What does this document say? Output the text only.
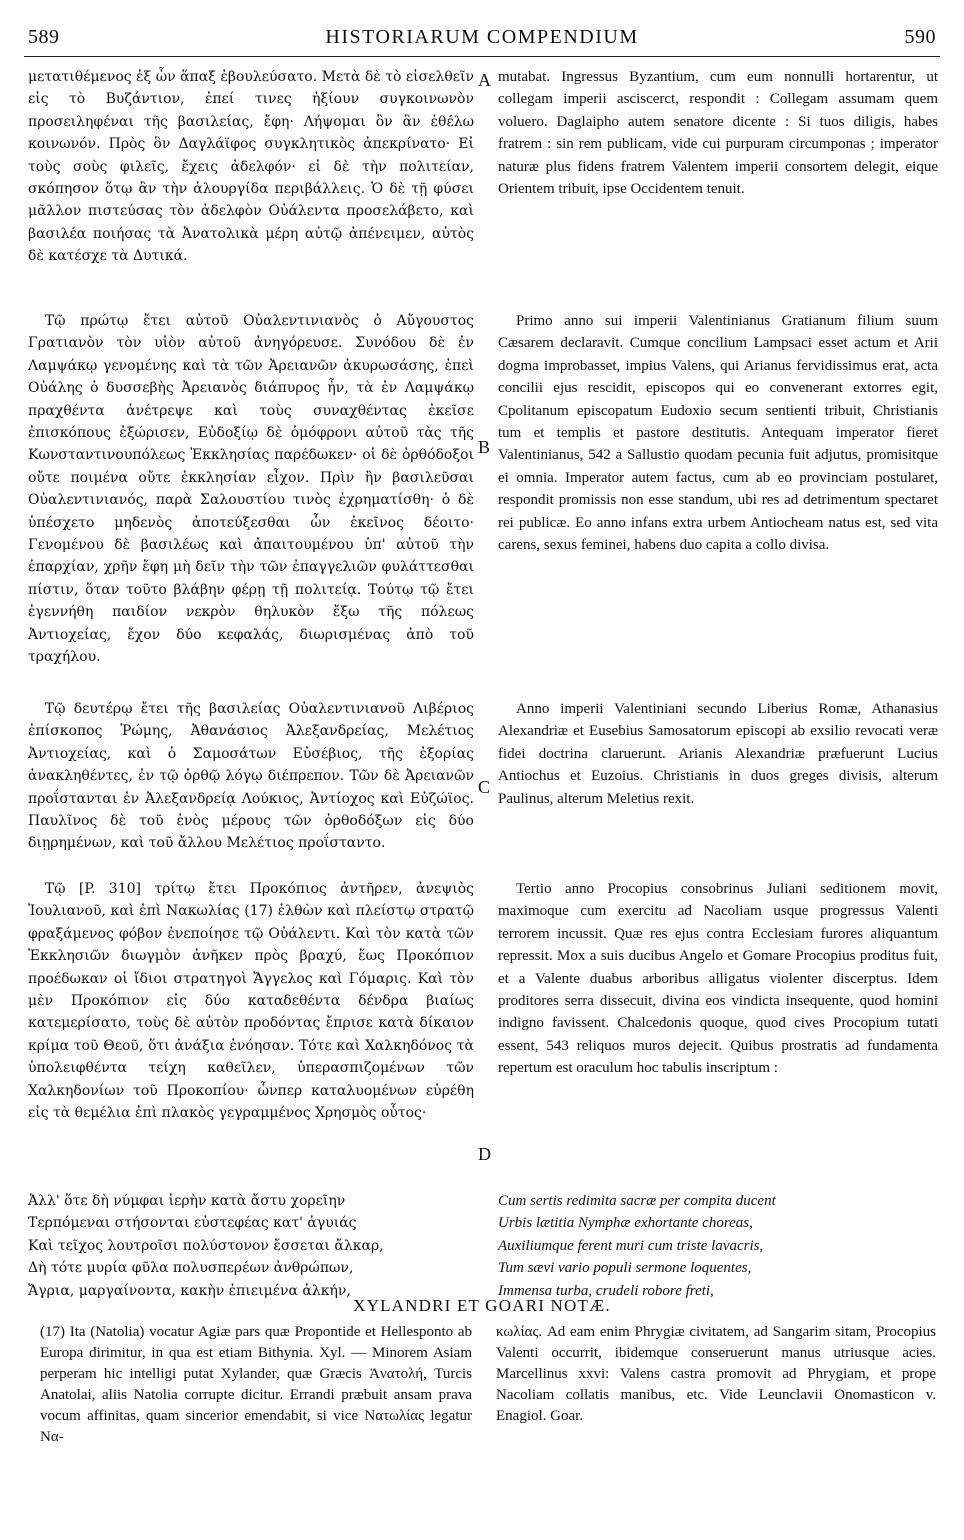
589	HISTORIARUM COMPENDIUM	590
μετατιθέμενος ἐξ ὧν ἅπαξ ἐβουλεύσατο. Μετὰ δὲ τὸ εἰσελθεῖν εἰς τὸ Βυζάντιον, ἐπεί τινες ἠξίουν συγκοινωνὸν προσειληφέναι τῆς βασιλείας, ἔφη· Λήψομαι ὃν ἂν ἐθέλω κοινωνόν. Πρὸς ὃν Δαγλάϊφος συγκλητικὸς ἀπεκρίνατο· Εἰ τοὺς σοὺς φιλεῖς, ἔχεις ἀδελφόν· εἰ δὲ τὴν πολιτείαν, σκόπησον ὅτῳ ἂν τὴν ἁλουργίδα περιβάλλεις. Ὁ δὲ τῇ φύσει μᾶλλον πιστεύσας τὸν ἀδελφὸν Οὐάλεντα προσελάβετο, καὶ βασιλέα ποιήσας τὰ Ἀνατολικὰ μέρη αὐτῷ ἀπένειμεν, αὐτὸς δὲ κατέσχε τὰ Δυτικά.

Τῷ πρώτῳ ἔτει αὐτοῦ Οὐαλεντινιανὸς ὁ Αὔγουστος Γρατιανὸν τὸν υἱὸν αὐτοῦ ἀνηγόρευσε. Συνόδου δὲ ἐν Λαμψάκῳ γενομένης καὶ τὰ τῶν Ἀρειανῶν ἀκυρωσάσης, ἐπεὶ Οὐάλης ὁ δυσσεβὴς Ἀρειανὸς διάπυρος ἦν, τὰ ἐν Λαμψάκῳ πραχθέντα ἀνέτρεψε καὶ τοὺς συναχθέντας ἐκεῖσε ἐπισκόπους ἐξώρισεν, Εὐδοξίῳ δὲ ὁμόφρονι αὐτοῦ τὰς τῆς Κωνσταντινουπόλεως Ἐκκλησίας παρέδωκεν· οἱ δὲ ὀρθόδοξοι οὔτε ποιμένα οὔτε ἐκκλησίαν εἶχον. Πρὶν ἢν βασιλεῦσαι Οὐαλεντινιανός, παρὰ Σαλουστίου τινὸς ἐχρηματίσθη· ὁ δὲ ὑπέσχετο μηδενὸς ἀποτεύξεσθαι ὧν ἐκεῖνος δέοιτο· Γενομένου δὲ βασιλέως καὶ ἀπαιτουμένου ὑπ' αὐτοῦ τὴν ἐπαρχίαν, χρῆν ἔφη μὴ δεῖν τὴν τῶν ἐπαγγελιῶν φυλάττεσθαι πίστιν, ὅταν τοῦτο βλάβην φέρῃ τῇ πολιτείᾳ. Τούτῳ τῷ ἔτει ἐγεννήθη παιδίον νεκρὸν θηλυκὸν ἔξω τῆς πόλεως Ἀντιοχείας, ἔχον δύο κεφαλάς, διωρισμένας ἀπὸ τοῦ τραχήλου.

Τῷ δευτέρῳ ἔτει τῆς βασιλείας Οὐαλεντινιανοῦ Λιβέριος ἐπίσκοπος Ῥώμης, Ἀθανάσιος Ἀλεξανδρείας, Μελέτιος Ἀντιοχείας, καὶ ὁ Σαμοσάτων Εὐσέβιος, τῆς ἐξορίας ἀνακληθέντες, ἐν τῷ ὀρθῷ λόγῳ διέπρεπον. Τῶν δὲ Ἀρειανῶν προΐστανται ἐν Ἀλεξανδρείᾳ Λούκιος, Ἀντίοχος καὶ Εὐζώϊος. Παυλῖνος δὲ τοῦ ἑνὸς μέρους τῶν ὀρθοδόξων εἰς δύο διῃρημένων, καὶ τοῦ ἄλλου Μελέτιος προΐσταντο.

Τῷ [P. 310] τρίτῳ ἔτει Προκόπιος ἀντῆρεν, ἀνεψιὸς Ἰουλιανοῦ, καὶ ἐπὶ Νακωλίας (17) ἐλθὼν καὶ πλείστῳ στρατῷ φραξάμενος φόβον ἐνεποίησε τῷ Οὐάλεντι. Καὶ τὸν κατὰ τῶν Ἐκκλησιῶν διωγμὸν ἀνῆκεν πρὸς βραχύ, ἕως Προκόπιον προέδωκαν οἱ ἴδιοι στρατηγοὶ Ἄγγελος καὶ Γόμαρις. Καὶ τὸν μὲν Προκόπιον εἰς δύο καταδεθέντα δένδρα βιαίως κατεμερίσατο, τοὺς δὲ αὐτὸν προδόντας ἔπρισε κατὰ δίκαιον κρίμα τοῦ Θεοῦ, ὅτι ἀνάξια ἐνόησαν. Τότε καὶ Χαλκηδόνος τὰ ὑπολειφθέντα τείχη καθεῖλεν, ὑπερασπιζομένων τῶν Χαλκηδονίων τοῦ Προκοπίου· ὧνπερ καταλυομένων εὑρέθη εἰς τὰ θεμέλια ἐπὶ πλακὸς γεγραμμένος Χρησμὸς οὗτος·

Ἀλλ' ὅτε δὴ νύμφαι ἱερὴν κατὰ ἄστυ χορεῖην
Τερπόμεναι στήσονται εὐστεφέας κατ' ἀγυιάς
Καὶ τεῖχος λουτροῖσι πολύστονον ἔσσεται ἄλκαρ,
Δὴ τότε μυρία φῦλα πολυσπερέων ἀνθρώπων,
Ἄγρια, μαργαίνοντα, κακὴν ἐπιειμένα ἀλκήν,
A
B
C
D
mutabat. Ingressus Byzantium, cum eum nonnulli hortarentur, ut collegam imperii asciscerct, respondit : Collegam assumam quem voluero. Daglaipho autem senatore dicente : Si tuos diligis, habes fratrem : sin rem publicam, vide cui purpuram circumponas ; imperator naturæ plus fidens fratrem Valentem imperii consortem delegit, eique Orientem tribuit, ipse Occidentem tenuit.

Primo anno sui imperii Valentinianus Gratianum filium suum Cæsarem declaravit. Cumque concilium Lampsaci esset actum et Arii dogma improbasset, impius Valens, qui Arianus fervidissimus erat, acta concilii ejus rescidit, episcopos qui eo convenerant extorres egit, Cpolitanum episcopatum Eudoxio secum sentienti tribuit, Christianis tum et templis et pastore destitutis. Antequam imperator fieret Valentinianus, 542 a Sallustio quodam pecunia fuit adjutus, promisitque ei omnia. Imperator autem factus, cum ab eo provinciam postularet, respondit promissis non esse standum, ubi res ad detrimentum spectaret rei publicæ. Eo anno infans extra urbem Antiocheam natus est, sed vita carens, sexus feminei, habens duo capita a collo divisa.

Anno imperii Valentiniani secundo Liberius Romæ, Athanasius Alexandriæ et Eusebius Samosatorum episcopi ab exsilio revocati veræ fidei doctrina claruerunt. Arianis Alexandriæ præfuerunt Lucius Antiochus et Euzoius. Christianis in duos greges divisis, alterum Paulinus, alterum Meletius rexit.

Tertio anno Procopius consobrinus Juliani seditionem movit, maximoque cum exercitu ad Nacoliam usque progressus Valenti terrorem incussit. Quæ res ejus contra Ecclesiam furores aliquantum repressit. Mox a suis ducibus Angelo et Gomare Procopius proditus fuit, et a Valente duabus arboribus alligatus violenter discerptus. Idem proditores serra dissecuit, divina eos vindicta insequente, quod homini indigno favissent. Chalcedonis quoque, quod cives Procopium tutati essent, 543 reliquos muros dejecit. Quibus prostratis ad fundamenta repertum est oraculum hoc tabulis inscriptum :

Cum sertis redimita sacræ per compita ducent
Urbis lætitia Nymphæ exhortante choreas,
Auxiliumque ferent muri cum triste lavacris,
Tum sævi vario populi sermone loquentes,
Immensa turba, crudeli robore freti,
XYLANDRI ET GOARI NOTÆ.

(17) Ita (Natolia) vocatur Agiæ pars quæ Propontide et Hellesponto ab Europa dirimitur, in qua est etiam Bithynia. Xyl. — Minorem Asiam perperam hic intelligi putat Xylander, quæ Græcis Ἀνατολή, Turcis Anatolai, aliis Natolia corrupte dicitur. Errandi præbuit ansam prava vocum affinitas, quam sincerior emendabit, si vice Νατωλίας legatur Να-

κωλίας. Ad eam enim Phrygiæ civitatem, ad Sangarim sitam, Procopius Valenti occurrit, ibidemque conseruerunt manus utriusque acies. Marcellinus xxvi: Valens castra promovit ad Phrygiam, et prope Nacoliam collatis manibus, etc. Vide Leunclavii Onomasticon v. Enagiol. Goar.
